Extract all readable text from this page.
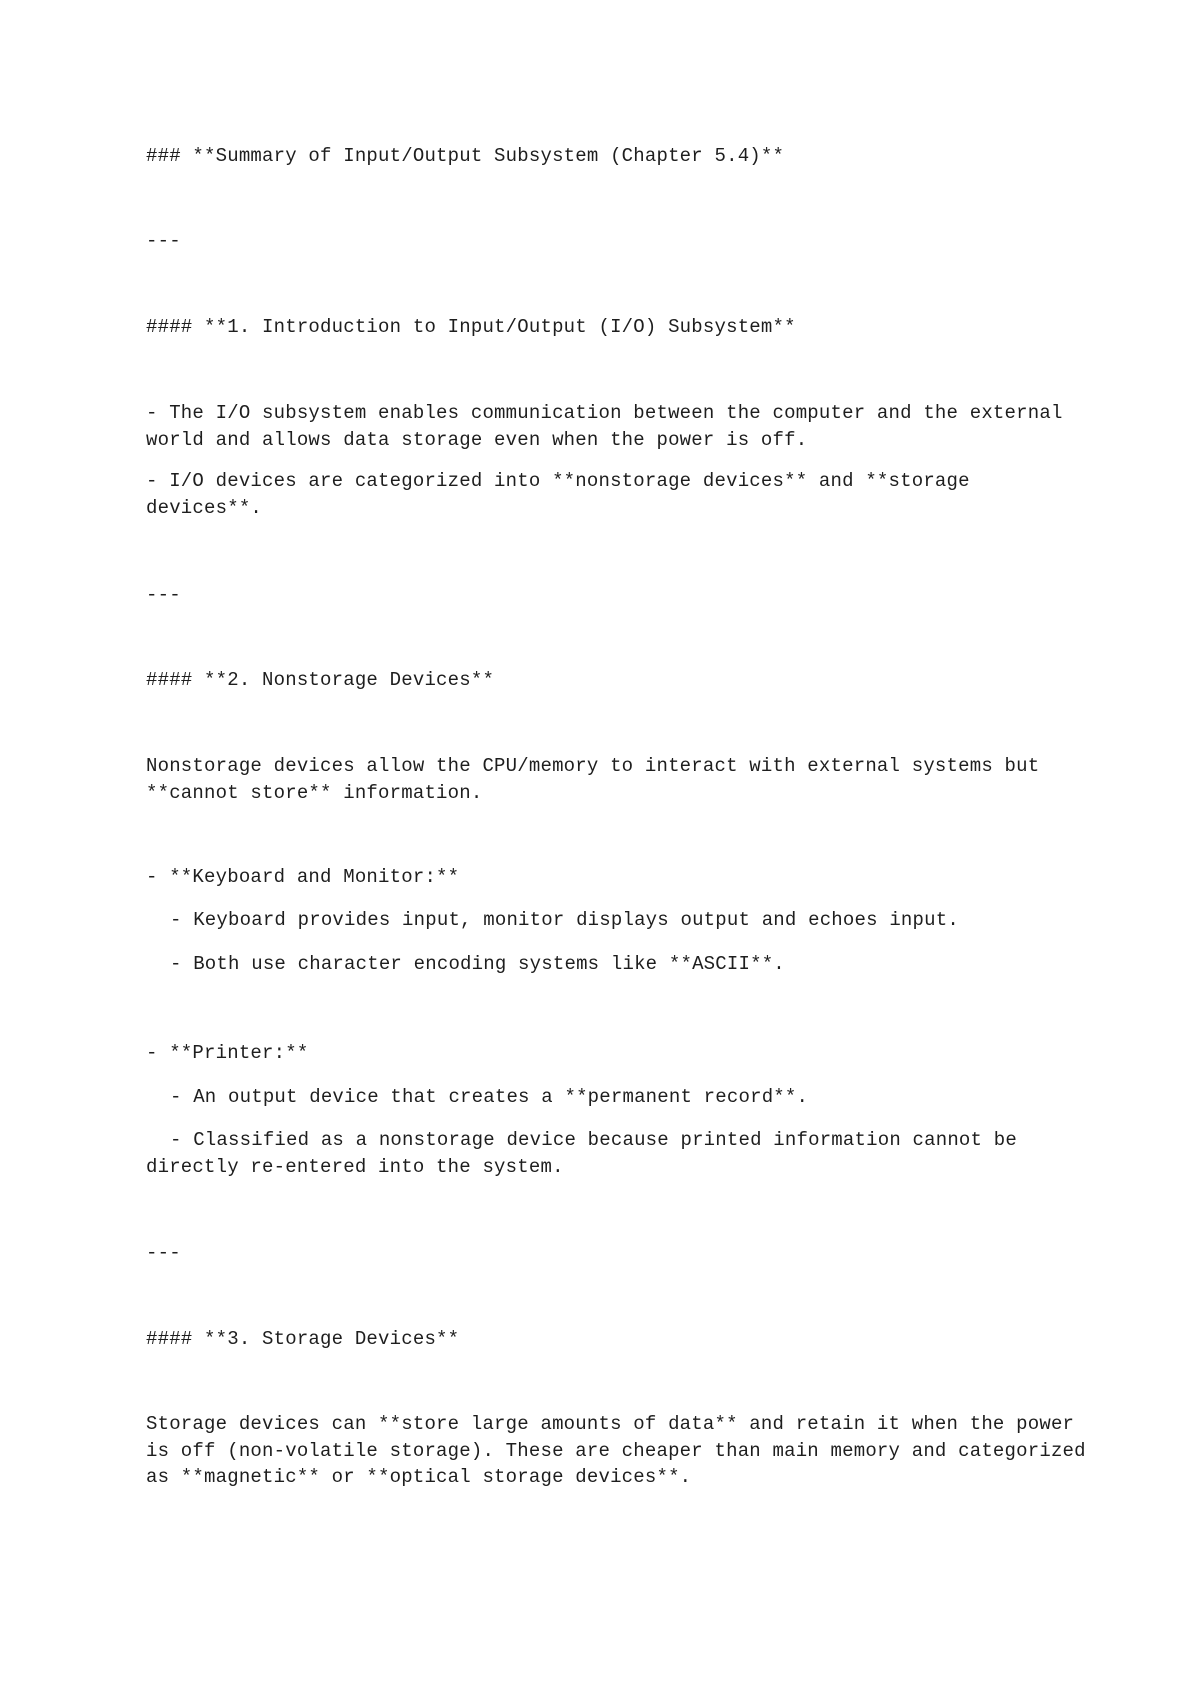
### **Summary of Input/Output Subsystem (Chapter 5.4)**

---

#### **1. Introduction to Input/Output (I/O) Subsystem**

- The I/O subsystem enables communication between the computer and the external world and allows data storage even when the power is off.

- I/O devices are categorized into **nonstorage devices** and **storage devices**.

---

#### **2. Nonstorage Devices**

Nonstorage devices allow the CPU/memory to interact with external systems but **cannot store** information.

- **Keyboard and Monitor:**

- Keyboard provides input, monitor displays output and echoes input.

- Both use character encoding systems like **ASCII**.

- **Printer:**

- An output device that creates a **permanent record**.

- Classified as a nonstorage device because printed information cannot be directly re-entered into the system.

---

#### **3. Storage Devices**

Storage devices can **store large amounts of data** and retain it when the power is off (non-volatile storage). These are cheaper than main memory and categorized as **magnetic** or **optical storage devices**.
